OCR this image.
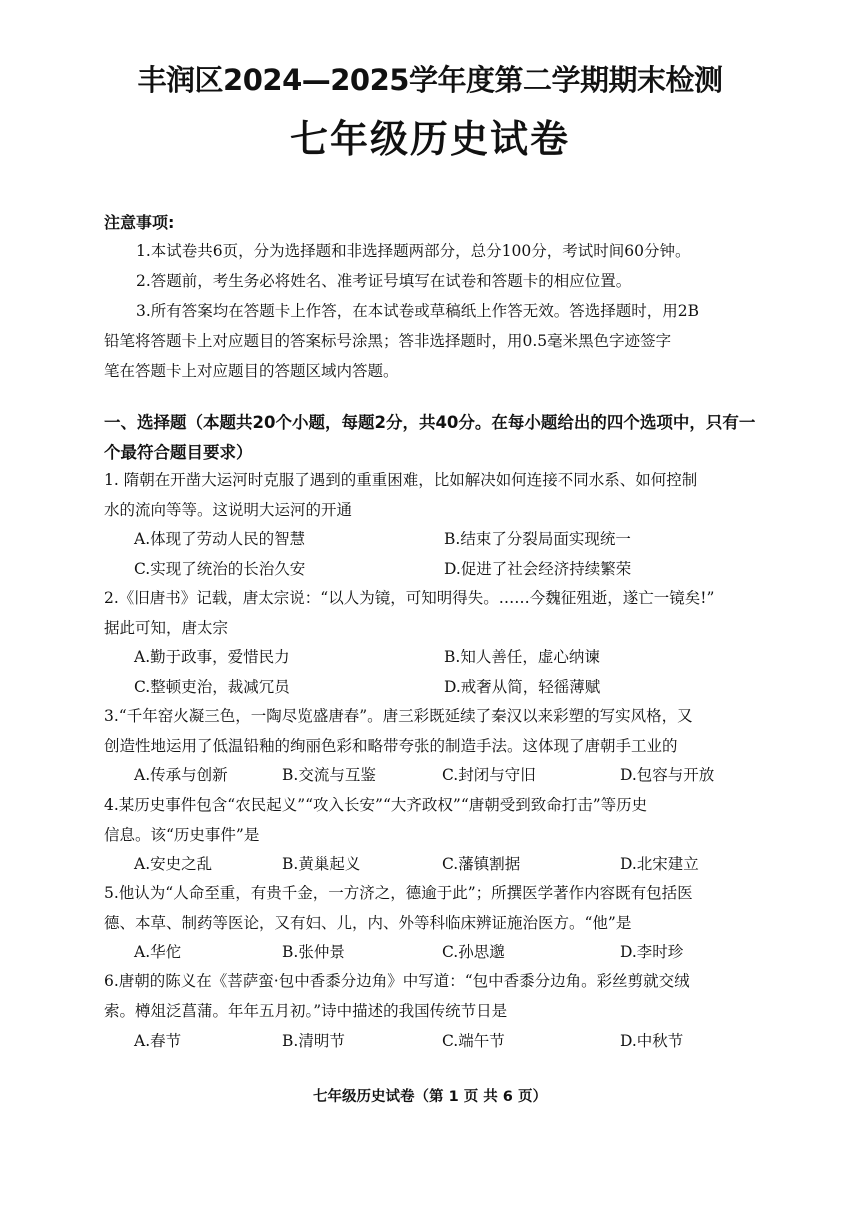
丰润区2024—2025学年度第二学期期末检测
七年级历史试卷
注意事项:
1.本试卷共6页，分为选择题和非选择题两部分，总分100分，考试时间60分钟。
2.答题前，考生务必将姓名、准考证号填写在试卷和答题卡的相应位置。
3.所有答案均在答题卡上作答，在本试卷或草稿纸上作答无效。答选择题时，用2B
铅笔将答题卡上对应题目的答案标号涂黑；答非选择题时，用0.5毫米黑色字迹签字
笔在答题卡上对应题目的答题区域内答题。
一、选择题（本题共20个小题，每题2分，共40分。在每小题给出的四个选项中，只有一
个最符合题目要求）
1. 隋朝在开凿大运河时克服了遇到的重重困难，比如解决如何连接不同水系、如何控制
水的流向等等。这说明大运河的开通
A.体现了劳动人民的智慧	B.结束了分裂局面实现统一
C.实现了统治的长治久安	D.促进了社会经济持续繁荣
2.《旧唐书》记载，唐太宗说：“以人为镜，可知明得失。……今魏征殂逝，遂亡一镜矣!”
据此可知，唐太宗
A.勤于政事，爱惜民力	B.知人善任，虚心纳谏
C.整顿吏治，裁减冗员	D.戒奢从简，轻徭薄赋
3.“千年窑火凝三色，一陶尽览盛唐春”。唐三彩既延续了秦汉以来彩塑的写实风格，又
创造性地运用了低温铅釉的绚丽色彩和略带夸张的制造手法。这体现了唐朝手工业的
A.传承与创新	B.交流与互鉴	C.封闭与守旧	D.包容与开放
4.某历史事件包含“农民起义”“攻入长安”“大齐政权”“唐朝受到致命打击”等历史
信息。该“历史事件”是
A.安史之乱	B.黄巢起义	C.藩镇割据	D.北宋建立
5.他认为“人命至重，有贵千金，一方济之，德逾于此”；所撰医学著作内容既有包括医
德、本草、制药等医论，又有妇、儿，内、外等科临床辨证施治医方。“他”是
A.华佗	B.张仲景	C.孙思邈	D.李时珍
6.唐朝的陈义在《菩萨蛮·包中香黍分边角》中写道：“包中香黍分边角。彩丝剪就交绒
索。樽俎泛菖蒲。年年五月初。”诗中描述的我国传统节日是
A.春节	B.清明节	C.端午节	D.中秋节
七年级历史试卷（第 1 页 共 6 页）
